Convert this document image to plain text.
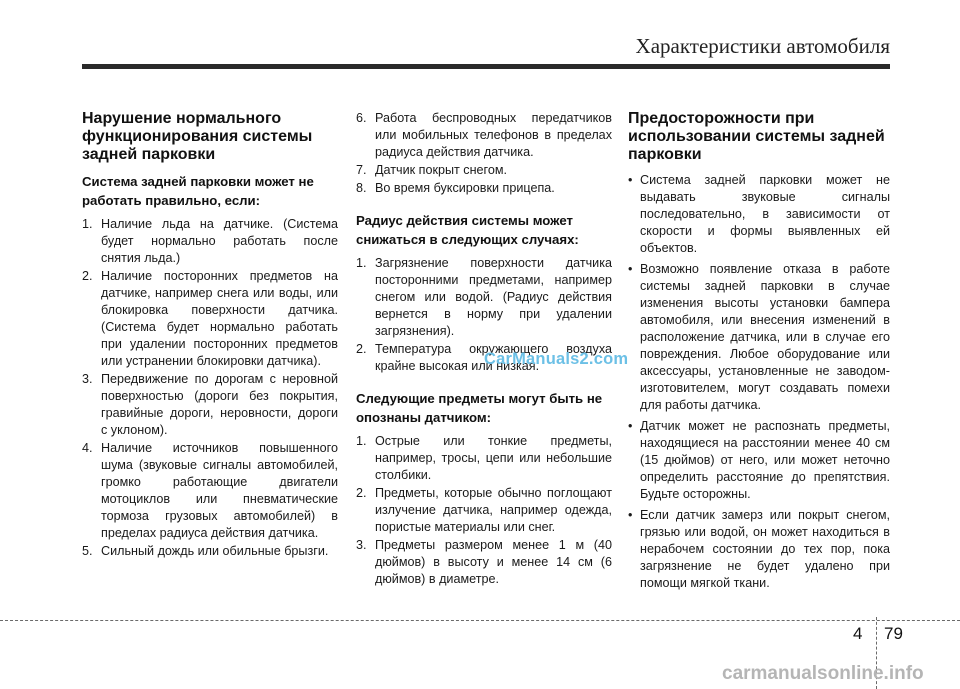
Характеристики автомобиля
Нарушение нормального функционирования системы задней парковки
Система задней парковки может не работать правильно, если:
1. Наличие льда на датчике. (Система будет нормально работать после снятия льда.)
2. Наличие посторонних предметов на датчике, например снега или воды, или блокировка поверхности датчика. (Система будет нормально работать при удалении посторонних предметов или устранении блокировки датчика).
3. Передвижение по дорогам с неровной поверхностью (дороги без покрытия, гравийные дороги, неровности, дороги с уклоном).
4. Наличие источников повышенного шума (звуковые сигналы автомобилей, громко работающие двигатели мотоциклов или пневматические тормоза грузовых автомобилей) в пределах радиуса действия датчика.
5. Сильный дождь или обильные брызги.
6. Работа беспроводных передатчиков или мобильных телефонов в пределах радиуса действия датчика.
7. Датчик покрыт снегом.
8. Во время буксировки прицепа.
Радиус действия системы может снижаться в следующих случаях:
1. Загрязнение поверхности датчика посторонними предметами, например снегом или водой. (Радиус действия вернется в норму при удалении загрязнения).
2. Температура окружающего воздуха крайне высокая или низкая.
Следующие предметы могут быть не опознаны датчиком:
1. Острые или тонкие предметы, например, тросы, цепи или небольшие столбики.
2. Предметы, которые обычно поглощают излучение датчика, например одежда, пористые материалы или снег.
3. Предметы размером менее 1 м (40 дюймов) в высоту и менее 14 см (6 дюймов) в диаметре.
Предосторожности при использовании системы задней парковки
• Система задней парковки может не выдавать звуковые сигналы последовательно, в зависимости от скорости и формы выявленных ей объектов.
• Возможно появление отказа в работе системы задней парковки в случае изменения высоты установки бампера автомобиля, или внесения изменений в расположение датчика, или в случае его повреждения. Любое оборудование или аксессуары, установленные не заводом-изготовителем, могут создавать помехи для работы датчика.
• Датчик может не распознать предметы, находящиеся на расстоянии менее 40 см (15 дюймов) от него, или может неточно определить расстояние до препятствия. Будьте осторожны.
• Если датчик замерз или покрыт снегом, грязью или водой, он может находиться в нерабочем состоянии до тех пор, пока загрязнение не будет удалено при помощи мягкой ткани.
CarManuals2.com
4 79
carmanualsonline.info
